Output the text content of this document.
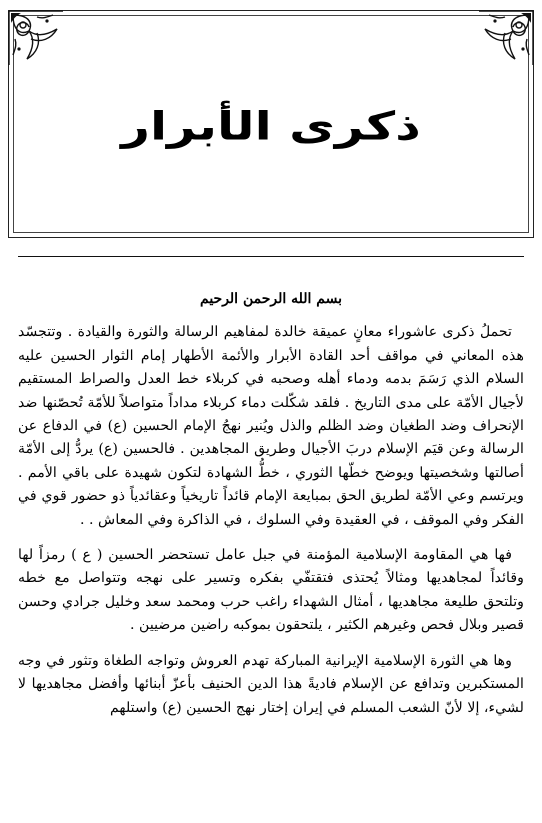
ذكرى الأبرار
بسم الله الرحمن الرحيم

تحملُ ذكرى عاشوراء معانٍ عميقة خالدة لمفاهيم الرسالة والثورة والقيادة . وتتجسّد هذه المعاني في مواقف أحد القادة الأبرار والأئمة الأطهار إمام الثوار الحسين عليه السلام الذي رَسَمَ بدمه ودماء أهله وصحبه في كربلاء خط العدل والصراط المستقيم لأجيال الأمّة على مدى التاريخ . فلقد شكّلت دماء كربلاء مداداً متواصلاً للأمّة تُحصّنها ضد الإنحراف وضد الطغيان وضد الظلم والذل ويُنير نهجُ الإمام الحسين (ع) في الدفاع عن الرسالة وعن قيَم الإسلام دربَ الأجيال وطريق المجاهدين . فالحسين (ع) يردُّ إلى الأمّة أصالتها وشخصيتها ويوضح خطّها الثوري ، خطُّ الشهادة لتكون شهيدة على باقي الأمم . ويرتسم وعي الأمّة لطريق الحق بمبايعة الإمام قائداً تاريخياً وعقائدياً ذو حضور قوي في الفكر وفي الموقف ، في العقيدة وفي السلوك ، في الذاكرة وفي المعاش . .

فها هي المقاومة الإسلامية المؤمنة في جبل عامل تستحضر الحسين ( ع ) رمزاً لها وقائداً لمجاهديها ومثالاً يُحتذى فتقتفّي بفكره وتسير على نهجه وتتواصل مع خطه وتلتحق طليعة مجاهديها ، أمثال الشهداء راغب حرب ومحمد سعد وخليل جرادي وحسن قصير وبلال فحص وغيرهم الكثير ، يلتحقون بموكبه راضين مرضيين .

وها هي الثورة الإسلامية الإيرانية المباركة تهدم العروش وتواجه الطغاة وتثور في وجه المستكبرين وتدافع عن الإسلام فاديةً هذا الدين الحنيف بأعزّ أبنائها وأفضل مجاهديها لا لشيء، إلا لأنّ الشعب المسلم في إيران إختار نهج الحسين (ع) واستلهم
